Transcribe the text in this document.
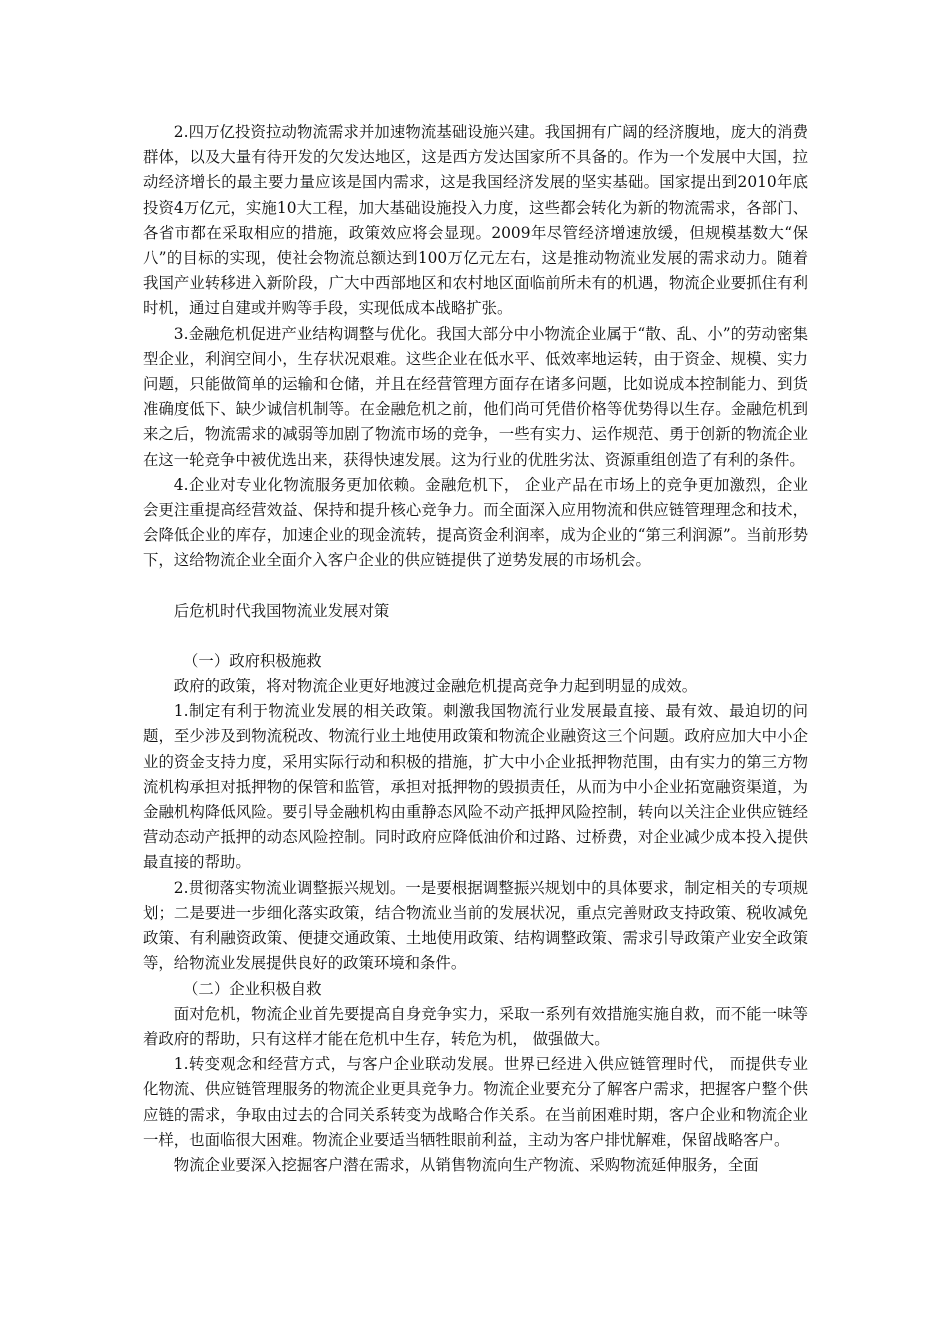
2.四万亿投资拉动物流需求并加速物流基础设施兴建。我国拥有广阔的经济腹地，庞大的消费群体，以及大量有待开发的欠发达地区，这是西方发达国家所不具备的。作为一个发展中大国，拉动经济增长的最主要力量应该是国内需求，这是我国经济发展的坚实基础。国家提出到2010年底投资4万亿元，实施10大工程，加大基础设施投入力度，这些都会转化为新的物流需求，各部门、各省市都在采取相应的措施，政策效应将会显现。2009年尽管经济增速放缓，但规模基数大“保八”的目标的实现，使社会物流总额达到100万亿元左右，这是推动物流业发展的需求动力。随着我国产业转移进入新阶段，广大中西部地区和农村地区面临前所未有的机遇，物流企业要抓住有利时机，通过自建或并购等手段，实现低成本战略扩张。

3.金融危机促进产业结构调整与优化。我国大部分中小物流企业属于“散、乱、小”的劳动密集型企业，利润空间小，生存状况艰难。这些企业在低水平、低效率地运转，由于资金、规模、实力问题，只能做简单的运输和仓储，并且在经营管理方面存在诸多问题，比如说成本控制能力、到货准确度低下、缺少诚信机制等。在金融危机之前，他们尚可凭借价格等优势得以生存。金融危机到来之后，物流需求的减弱等加剧了物流市场的竞争，一些有实力、运作规范、勇于创新的物流企业在这一轮竞争中被优选出来，获得快速发展。这为行业的优胜劣汰、资源重组创造了有利的条件。

4.企业对专业化物流服务更加依赖。金融危机下， 企业产品在市场上的竞争更加激烈，企业会更注重提高经营效益、保持和提升核心竞争力。而全面深入应用物流和供应链管理理念和技术，会降低企业的库存，加速企业的现金流转，提高资金利润率，成为企业的“第三利润源”。当前形势下，这给物流企业全面介入客户企业的供应链提供了逆势发展的市场机会。

后危机时代我国物流业发展对策

（一）政府积极施救

政府的政策，将对物流企业更好地渡过金融危机提高竞争力起到明显的成效。

1.制定有利于物流业发展的相关政策。刺激我国物流行业发展最直接、最有效、最迫切的问题，至少涉及到物流税改、物流行业土地使用政策和物流企业融资这三个问题。政府应加大中小企业的资金支持力度，采用实际行动和积极的措施，扩大中小企业抵押物范围，由有实力的第三方物流机构承担对抵押物的保管和监管，承担对抵押物的毁损责任，从而为中小企业拓宽融资渠道，为金融机构降低风险。要引导金融机构由重静态风险不动产抵押风险控制，转向以关注企业供应链经营动态动产抵押的动态风险控制。同时政府应降低油价和过路、过桥费，对企业减少成本投入提供最直接的帮助。

2.贯彻落实物流业调整振兴规划。一是要根据调整振兴规划中的具体要求，制定相关的专项规划；二是要进一步细化落实政策，结合物流业当前的发展状况，重点完善财政支持政策、税收减免政策、有利融资政策、便捷交通政策、土地使用政策、结构调整政策、需求引导政策产业安全政策等，给物流业发展提供良好的政策环境和条件。

（二）企业积极自救

面对危机，物流企业首先要提高自身竞争实力，采取一系列有效措施实施自救，而不能一味等着政府的帮助，只有这样才能在危机中生存，转危为机， 做强做大。

1.转变观念和经营方式，与客户企业联动发展。世界已经进入供应链管理时代， 而提供专业化物流、供应链管理服务的物流企业更具竞争力。物流企业要充分了解客户需求，把握客户整个供应链的需求，争取由过去的合同关系转变为战略合作关系。在当前困难时期，客户企业和物流企业一样，也面临很大困难。物流企业要适当牺牲眼前利益，主动为客户排忧解难，保留战略客户。

物流企业要深入挖掘客户潜在需求，从销售物流向生产物流、采购物流延伸服务，全面
